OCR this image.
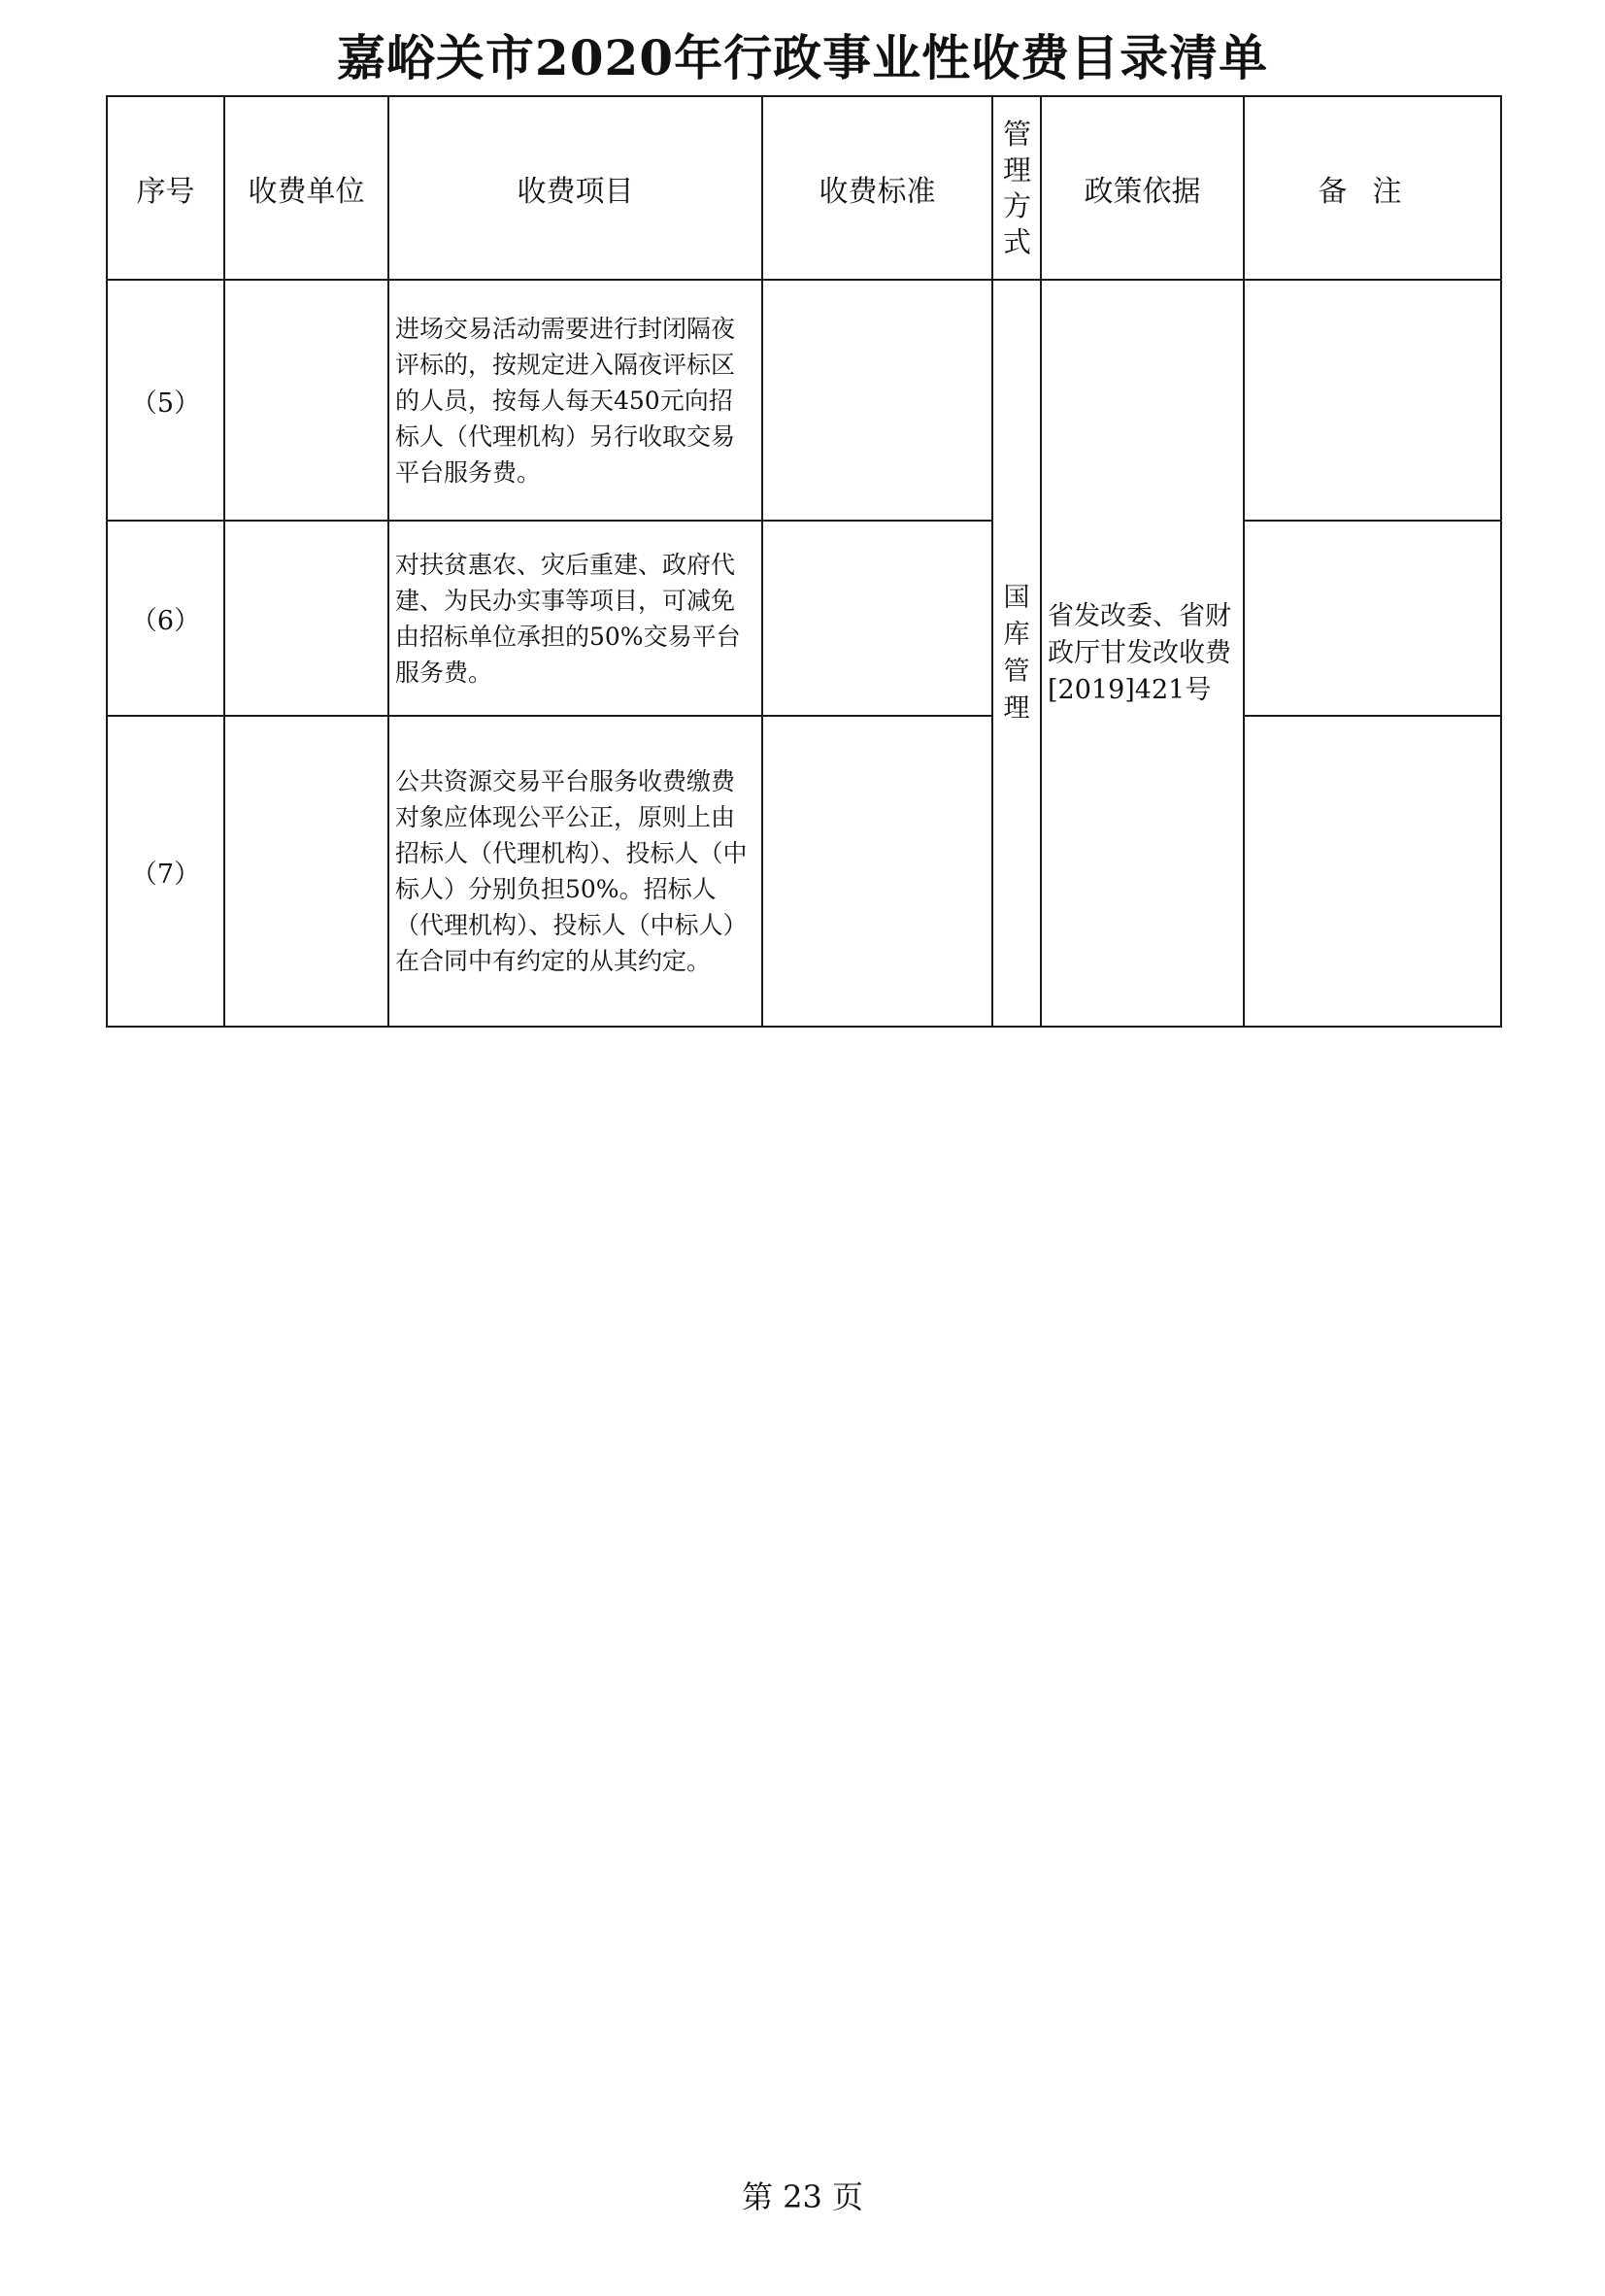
嘉峪关市2020年行政事业性收费目录清单
序号	收费单位	收费项目	收费标准	管理方式	政策依据	备注
（5）		进场交易活动需要进行封闭隔夜评标的，按规定进入隔夜评标区的人员，按每人每天450元向招标人（代理机构）另行收取交易平台服务费。		国库管理	省发改委、省财政厅甘发改收费[2019]421号	
（6）		对扶贫惠农、灾后重建、政府代建、为民办实事等项目，可减免由招标单位承担的50%交易平台服务费。				
（7）		公共资源交易平台服务收费缴费对象应体现公平公正，原则上由招标人（代理机构）、投标人（中标人）分别负担50%。招标人（代理机构）、投标人（中标人）在合同中有约定的从其约定。				
第 23 页
